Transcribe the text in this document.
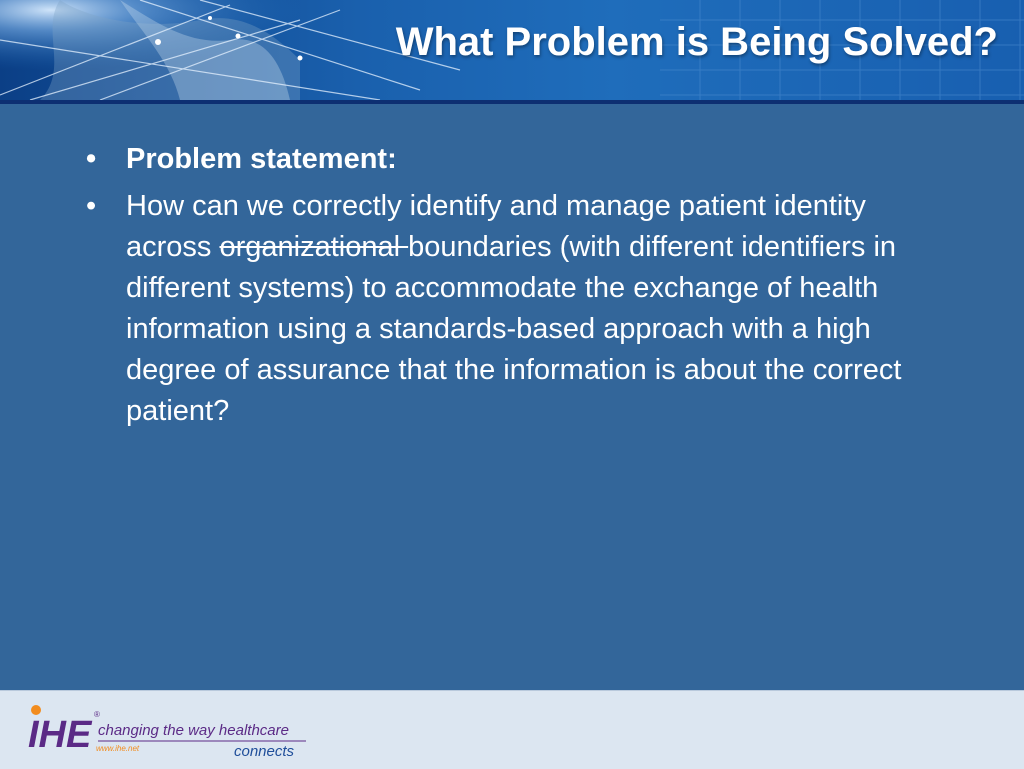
What Problem is Being Solved?
•	Problem statement:
•	How can we correctly identify and manage patient identity across organizational boundaries (with different identifiers in different systems) to accommodate the exchange of health information using a standards-based approach with a high degree of assurance that the information is about the correct patient?
IHE ®
changing the way healthcare
www.ihe.net	connects
